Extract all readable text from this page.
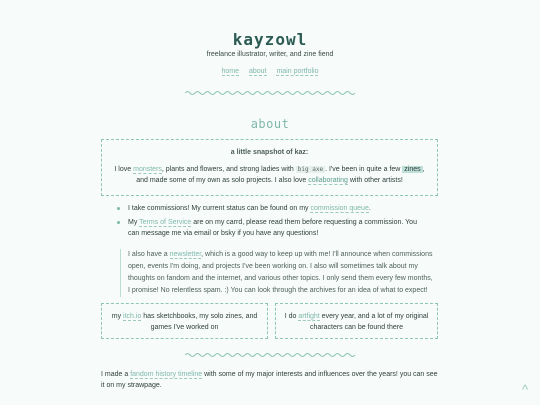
kayzowl
freelance illustrator, writer, and zine fiend
home about main portfolio
about
a little snapshot of kaz:
I love monsters, plants and flowers, and strong ladies with big axe . I've been in quite a few zines , and made some of my own as solo projects. I also love collaborating with other artists!
I take commissions! My current status can be found on my commission queue.
My Terms of Service are on my carrd, please read them before requesting a commission. You can message me via email or bsky if you have any questions!
I also have a newsletter, which is a good way to keep up with me! I'll announce when commissions open, events I'm doing, and projects I've been working on. I also will sometimes talk about my thoughts on fandom and the internet, and various other topics. I only send them every few months, I promise! No relentless spam. :) You can look through the archives for an idea of what to expect!
my itch.io has sketchbooks, my solo zines, and games I've worked on
I do artfight every year, and a lot of my original characters can be found there
I made a fandom history timeline with some of my major interests and influences over the years! you can see it on my strawpage.	^
